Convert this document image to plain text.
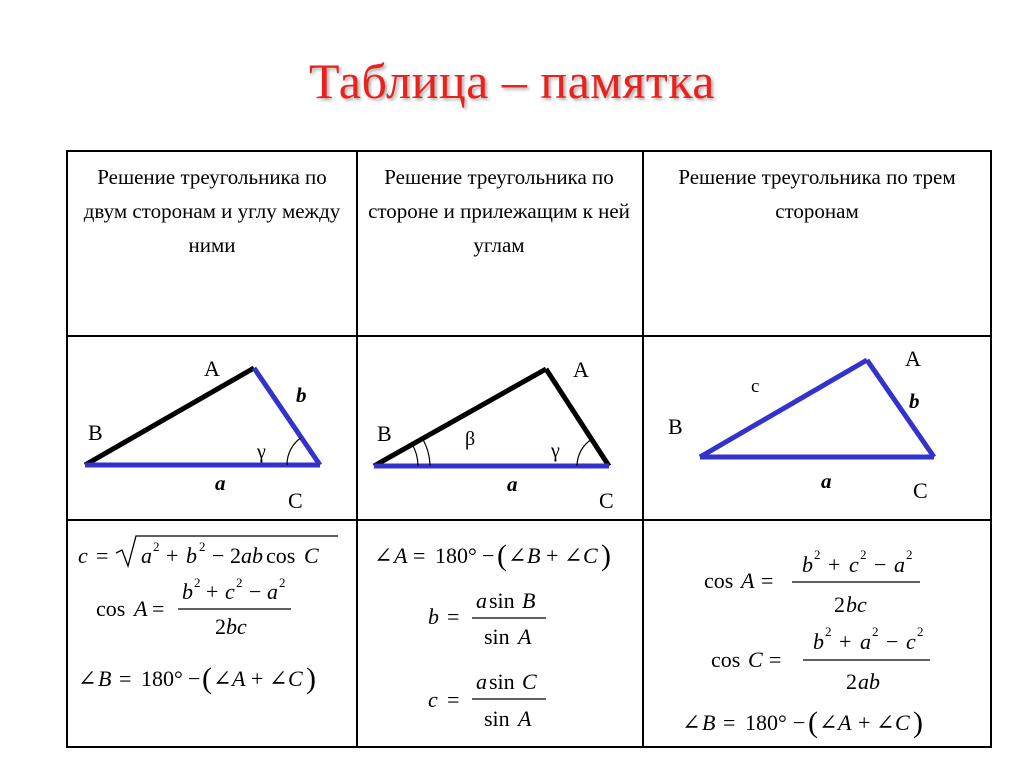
Таблица – памятка
Решение треугольника по двум сторонам и углу между ними
Решение треугольника по стороне и прилежащим к ней углам
Решение треугольника по трем сторонам
A
B
C
b
a
γ
A
B
C
a
β
γ
A
B
C
c
b
a
c = a 2 + b 2 − 2 ab cos C
cos A =
b 2 + c 2 − a 2
2 bc
∠ B = 180° − ( ∠ A + ∠ C )
∠ A = 180° − ( ∠ B + ∠ C )
b =
a sin B
sin A
c =
a sin C
sin A
cos A =
b 2 + c 2 − a 2
2 bc
cos C =
b 2 + a 2 − c 2
2 ab
∠ B = 180° − ( ∠ A + ∠ C )
